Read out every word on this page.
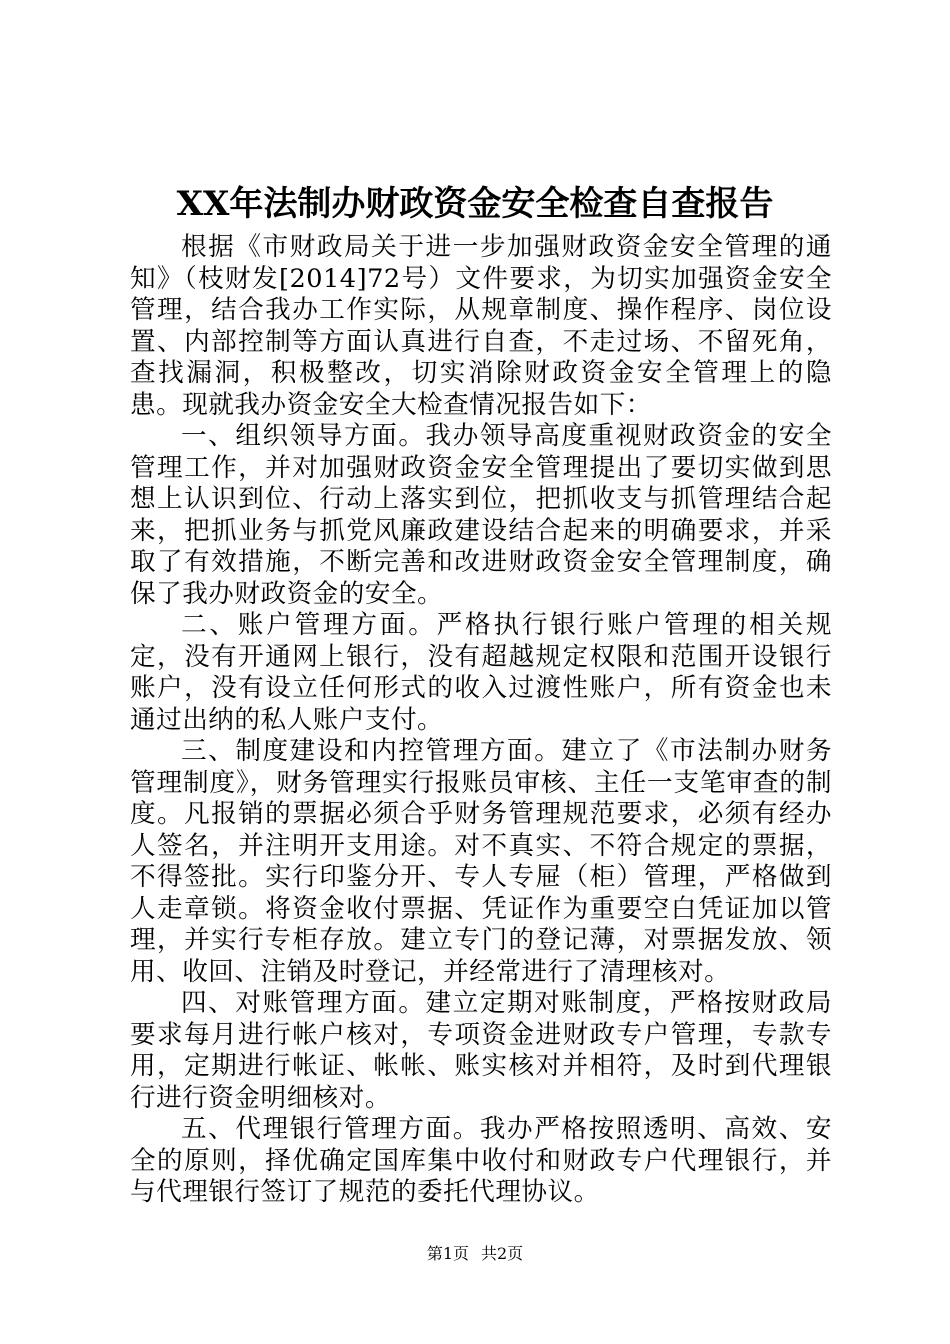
XX年法制办财政资金安全检查自查报告

根据《市财政局关于进一步加强财政资金安全管理的通知》（枝财发[2014]72号）文件要求，为切实加强资金安全管理，结合我办工作实际，从规章制度、操作程序、岗位设置、内部控制等方面认真进行自查，不走过场、不留死角，查找漏洞，积极整改，切实消除财政资金安全管理上的隐患。现就我办资金安全大检查情况报告如下：

一、组织领导方面。我办领导高度重视财政资金的安全管理工作，并对加强财政资金安全管理提出了要切实做到思想上认识到位、行动上落实到位，把抓收支与抓管理结合起来，把抓业务与抓党风廉政建设结合起来的明确要求，并采取了有效措施，不断完善和改进财政资金安全管理制度，确保了我办财政资金的安全。

二、账户管理方面。严格执行银行账户管理的相关规定，没有开通网上银行，没有超越规定权限和范围开设银行账户，没有设立任何形式的收入过渡性账户，所有资金也未通过出纳的私人账户支付。

三、制度建设和内控管理方面。建立了《市法制办财务管理制度》，财务管理实行报账员审核、主任一支笔审查的制度。凡报销的票据必须合乎财务管理规范要求，必须有经办人签名，并注明开支用途。对不真实、不符合规定的票据，不得签批。实行印鉴分开、专人专屉（柜）管理，严格做到人走章锁。将资金收付票据、凭证作为重要空白凭证加以管理，并实行专柜存放。建立专门的登记薄，对票据发放、领用、收回、注销及时登记，并经常进行了清理核对。

四、对账管理方面。建立定期对账制度，严格按财政局要求每月进行帐户核对，专项资金进财政专户管理，专款专用，定期进行帐证、帐帐、账实核对并相符，及时到代理银行进行资金明细核对。

五、代理银行管理方面。我办严格按照透明、高效、安全的原则，择优确定国库集中收付和财政专户代理银行，并与代理银行签订了规范的委托代理协议。

第1页 共2页
